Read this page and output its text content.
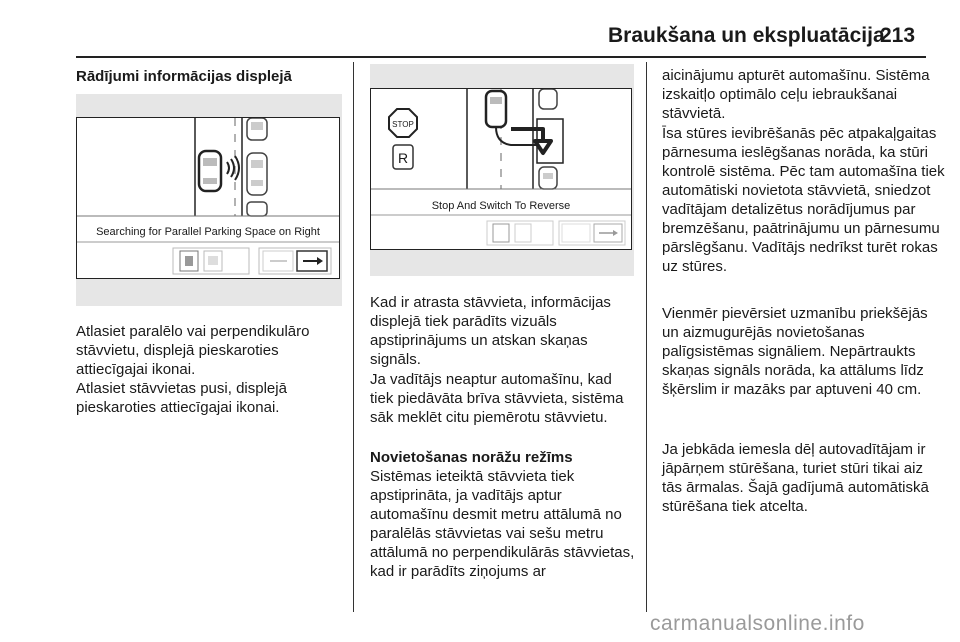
Braukšana un ekspluatācija
213
Rādījumi informācijas displejā
Searching for Parallel Parking Space on Right

Atlasiet paralēlo vai perpendikulāro stāvvietu, displejā pieskaroties attiecīgajai ikonai.

Atlasiet stāvvietas pusi, displejā pieskaroties attiecīgajai ikonai.

STOP
R
Stop And Switch To Reverse

Kad ir atrasta stāvvieta, informācijas displejā tiek parādīts vizuāls apstiprinājums un atskan skaņas signāls.

Ja vadītājs neaptur automašīnu, kad tiek piedāvāta brīva stāvvieta, sistēma sāk meklēt citu piemērotu stāvvietu.

Novietošanas norāžu režīms
Sistēmas ieteiktā stāvvieta tiek apstiprināta, ja vadītājs aptur automašīnu desmit metru attālumā no paralēlās stāvvietas vai sešu metru attālumā no perpendikulārās stāvvietas, kad ir parādīts ziņojums ar

aicinājumu apturēt automašīnu. Sistēma izskaitļo optimālo ceļu iebraukšanai stāvvietā.

Īsa stūres ievibrēšanās pēc atpakaļgaitas pārnesuma ieslēgšanas norāda, ka stūri kontrolē sistēma. Pēc tam automašīna tiek automātiski novietota stāvvietā, sniedzot vadītājam detalizētus norādījumus par bremzēšanu, paātrinājumu un pārnesumu pārslēgšanu. Vadītājs nedrīkst turēt rokas uz stūres.

Vienmēr pievērsiet uzmanību priekšējās un aizmugurējās novietošanas palīgsistēmas signāliem. Nepārtraukts skaņas signāls norāda, ka attālums līdz šķērslim ir mazāks par aptuveni 40 cm.

Ja jebkāda iemesla dēļ autovadītājam ir jāpārņem stūrēšana, turiet stūri tikai aiz tās ārmalas. Šajā gadījumā automātiskā stūrēšana tiek atcelta.

carmanualsonline.info
